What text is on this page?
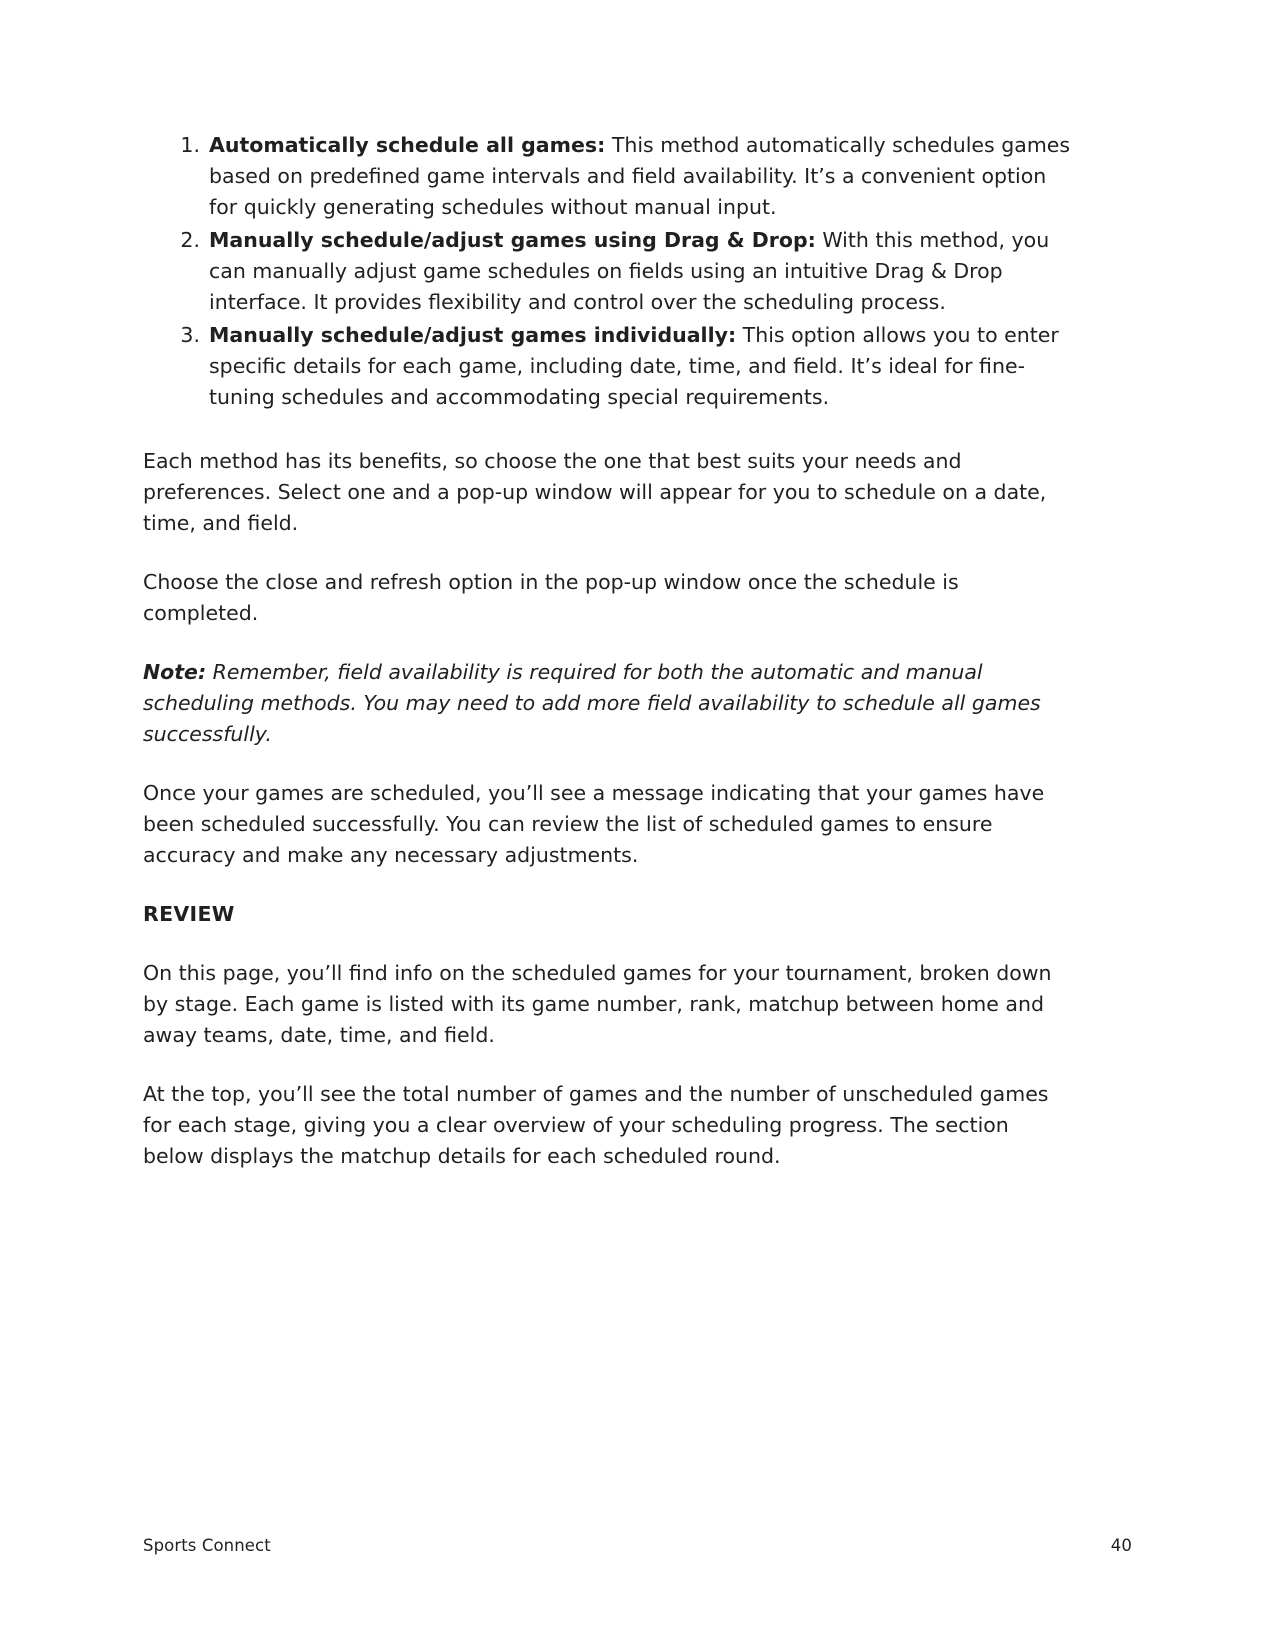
Automatically schedule all games: This method automatically schedules games based on predefined game intervals and field availability. It’s a convenient option for quickly generating schedules without manual input.
Manually schedule/adjust games using Drag & Drop: With this method, you can manually adjust game schedules on fields using an intuitive Drag & Drop interface. It provides flexibility and control over the scheduling process.
Manually schedule/adjust games individually: This option allows you to enter specific details for each game, including date, time, and field. It’s ideal for fine-tuning schedules and accommodating special requirements.

Each method has its benefits, so choose the one that best suits your needs and preferences. Select one and a pop-up window will appear for you to schedule on a date, time, and field.

Choose the close and refresh option in the pop-up window once the schedule is completed.

Note: Remember, field availability is required for both the automatic and manual scheduling methods. You may need to add more field availability to schedule all games successfully.

Once your games are scheduled, you’ll see a message indicating that your games have been scheduled successfully. You can review the list of scheduled games to ensure accuracy and make any necessary adjustments.

REVIEW

On this page, you’ll find info on the scheduled games for your tournament, broken down by stage. Each game is listed with its game number, rank, matchup between home and away teams, date, time, and field.

At the top, you’ll see the total number of games and the number of unscheduled games for each stage, giving you a clear overview of your scheduling progress. The section below displays the matchup details for each scheduled round.

Sports Connect	40
